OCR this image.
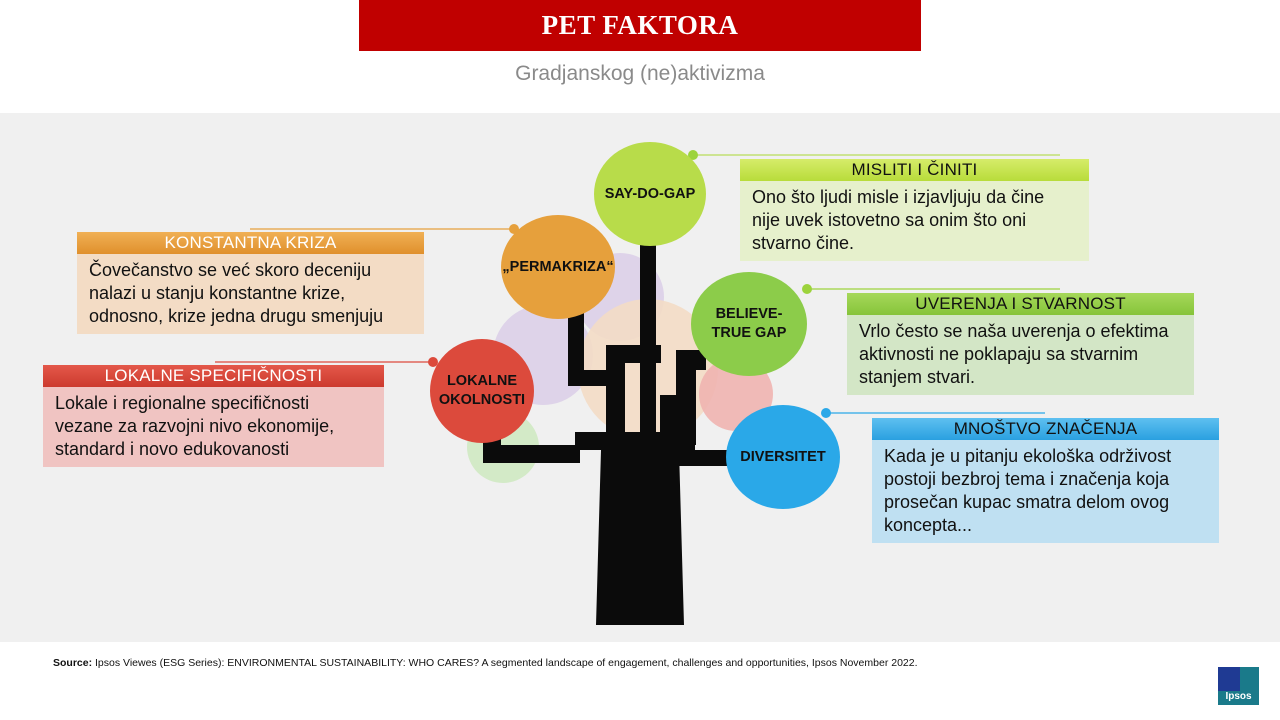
PET FAKTORA
Gradjanskog (ne)aktivizma
SAY-DO-GAP
„PERMAKRIZA“
BELIEVE-TRUE GAP
LOKALNE OKOLNOSTI
DIVERSITET
MISLITI I ČINITI
Ono što ljudi misle i izjavljuju da čine nije uvek istovetno sa onim što oni stvarno čine.
KONSTANTNA KRIZA
Čovečanstvo se već skoro deceniju nalazi u stanju konstantne krize, odnosno, krize jedna drugu smenjuju
UVERENJA I STVARNOST
Vrlo često se naša uverenja o efektima aktivnosti ne poklapaju sa stvarnim stanjem stvari.
LOKALNE SPECIFIČNOSTI
Lokale i regionalne specifičnosti vezane za razvojni nivo ekonomije, standard i novo edukovanosti
MNOŠTVO ZNAČENJA
Kada je u pitanju ekološka održivost postoji bezbroj tema i značenja koja prosečan kupac smatra delom ovog koncepta...
Source: Ipsos Viewes (ESG Series): ENVIRONMENTAL SUSTAINABILITY: WHO CARES? A segmented landscape of engagement, challenges and opportunities, Ipsos November 2022.
Ipsos
